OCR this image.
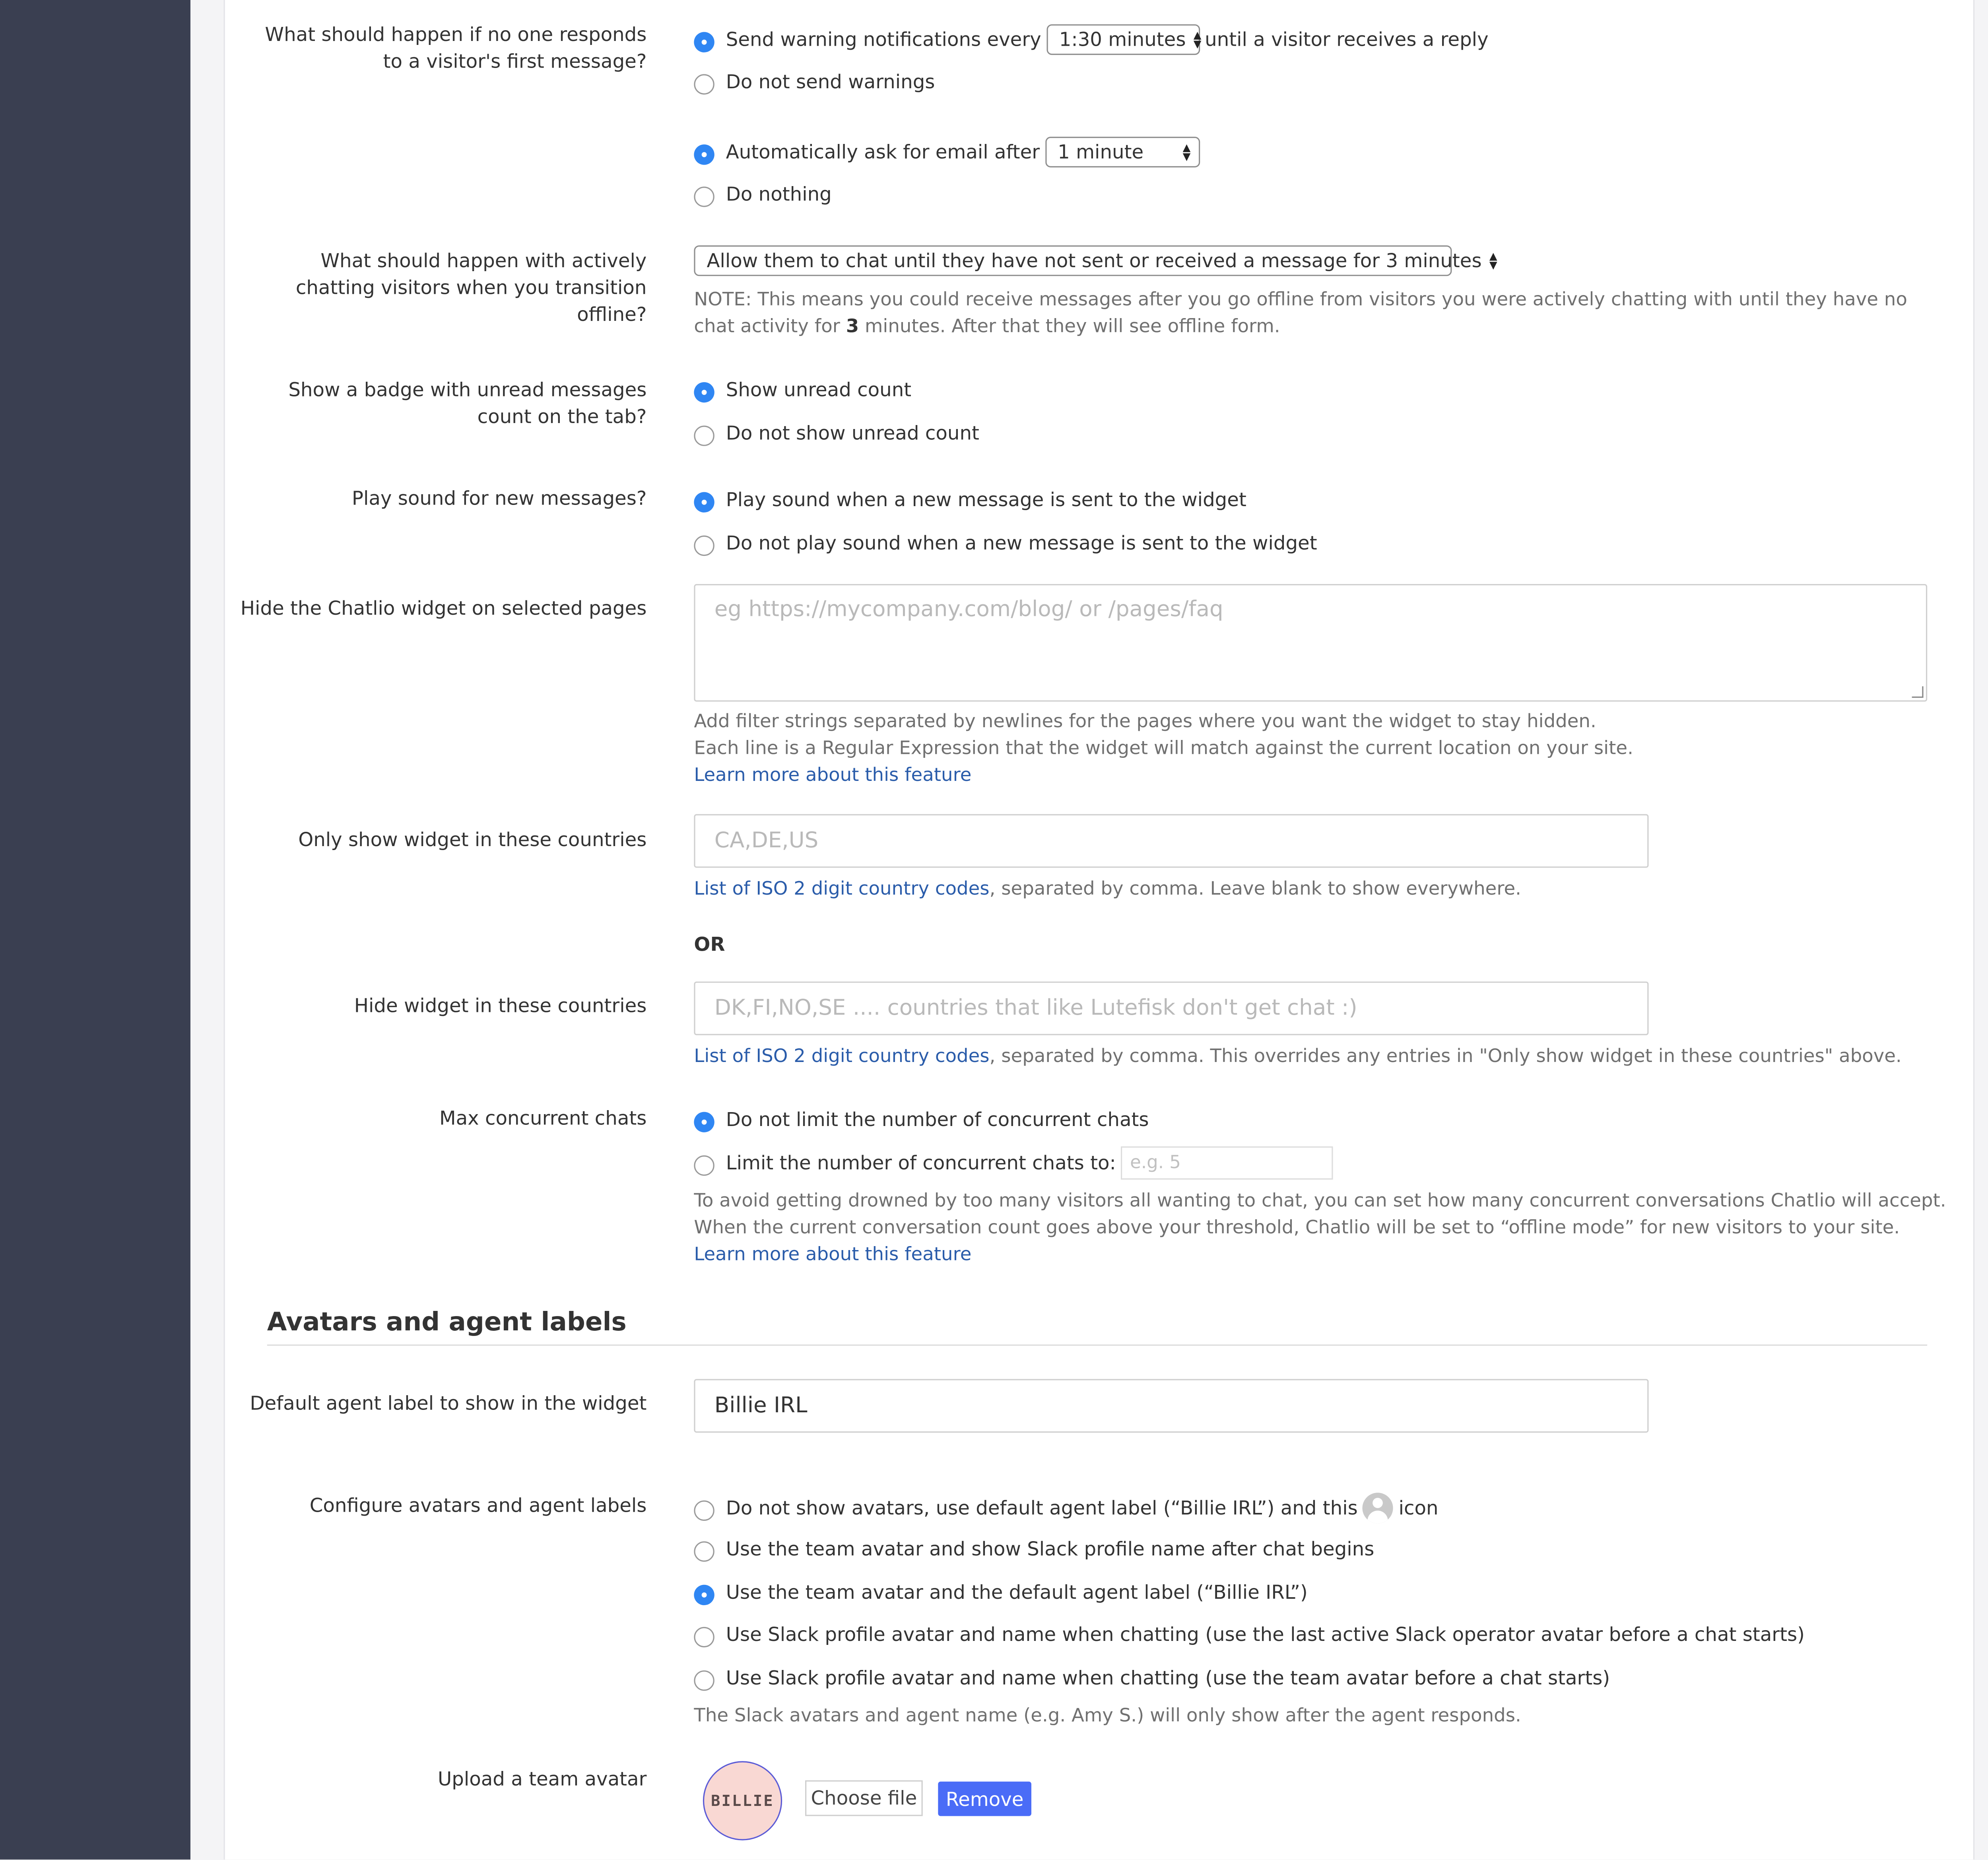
What should happen if no one responds to a visitor's first message?
Send warning notifications every	1:30 minutes ▲
▼ until a visitor receives a reply
Do not send warnings
Automatically ask for email after	1 minute	▲
▼
Do nothing
What should happen with actively chatting visitors when you transition offline?
Allow them to chat until they have not sent or received a message for 3 minutes ▲
▼
NOTE: This means you could receive messages after you go offline from visitors you were actively chatting with until they have no chat activity for 3 minutes. After that they will see offline form.
Show a badge with unread messages count on the tab?
Show unread count
Do not show unread count
Play sound for new messages?	Play sound when a new message is sent to the widget
Do not play sound when a new message is sent to the widget
Hide the Chatlio widget on selected pages	eg https://mycompany.com/blog/ or /pages/faq
Add filter strings separated by newlines for the pages where you want the widget to stay hidden.
Each line is a Regular Expression that the widget will match against the current location on your site.
Learn more about this feature
Only show widget in these countries	CA,DE,US
List of ISO 2 digit country codes, separated by comma. Leave blank to show everywhere.
OR
Hide widget in these countries	DK,FI,NO,SE .... countries that like Lutefisk don't get chat :)
List of ISO 2 digit country codes, separated by comma. This overrides any entries in "Only show widget in these countries" above.
Max concurrent chats	Do not limit the number of concurrent chats
Limit the number of concurrent chats to:	e.g. 5
To avoid getting drowned by too many visitors all wanting to chat, you can set how many concurrent conversations Chatlio will accept.
When the current conversation count goes above your threshold, Chatlio will be set to “offline mode” for new visitors to your site.
Learn more about this feature
Avatars and agent labels
Default agent label to show in the widget	Billie IRL
Configure avatars and agent labels	Do not show avatars, use default agent label (“Billie IRL”) and this	icon
Use the team avatar and show Slack profile name after chat begins
Use the team avatar and the default agent label (“Billie IRL”)
Use Slack profile avatar and name when chatting (use the last active Slack operator avatar before a chat starts)
Use Slack profile avatar and name when chatting (use the team avatar before a chat starts)
The Slack avatars and agent name (e.g. Amy S.) will only show after the agent responds.
Upload a team avatar
BILLIE	Choose file	Remove
